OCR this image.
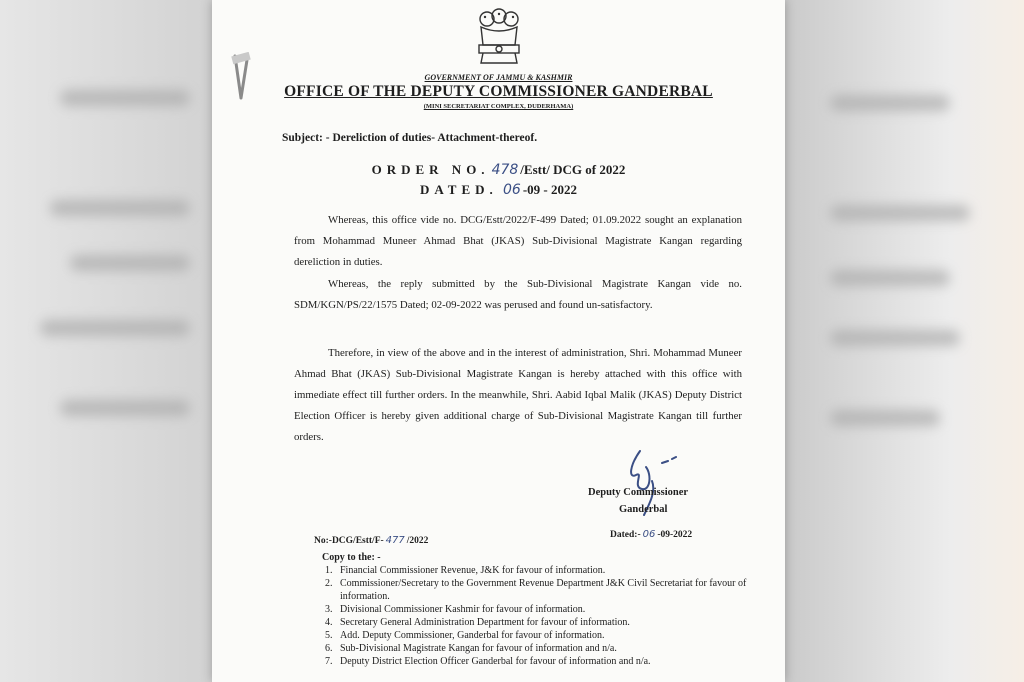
GOVERNMENT OF JAMMU & KASHMIR
OFFICE OF THE DEPUTY COMMISSIONER GANDERBAL
(MINI SECRETARIAT COMPLEX, DUDERHAMA)
Subject: - Dereliction of duties- Attachment-thereof.
ORDER NO. 478 /Estt/ DCG of 2022
DATED. 06 -09 - 2022
Whereas, this office vide no. DCG/Estt/2022/F-499 Dated; 01.09.2022 sought an explanation from Mohammad Muneer Ahmad Bhat (JKAS) Sub-Divisional Magistrate Kangan regarding dereliction in duties.
Whereas, the reply submitted by the Sub-Divisional Magistrate Kangan vide no. SDM/KGN/PS/22/1575 Dated; 02-09-2022 was perused and found un-satisfactory.
Therefore, in view of the above and in the interest of administration, Shri. Mohammad Muneer Ahmad Bhat (JKAS) Sub-Divisional Magistrate Kangan is hereby attached with this office with immediate effect till further orders. In the meanwhile, Shri. Aabid Iqbal Malik (JKAS) Deputy District Election Officer is hereby given additional charge of Sub-Divisional Magistrate Kangan till further orders.
Deputy Commissioner
Ganderbal
No:-DCG/Estt/F- 477 /2022
Dated:- 06 -09-2022
Copy to the: -
1. Financial Commissioner Revenue, J&K for favour of information.
2. Commissioner/Secretary to the Government Revenue Department J&K Civil Secretariat for favour of information.
3. Divisional Commissioner Kashmir for favour of information.
4. Secretary General Administration Department for favour of information.
5. Add. Deputy Commissioner, Ganderbal for favour of information.
6. Sub-Divisional Magistrate Kangan for favour of information and n/a.
7. Deputy District Election Officer Ganderbal for favour of information and n/a.
